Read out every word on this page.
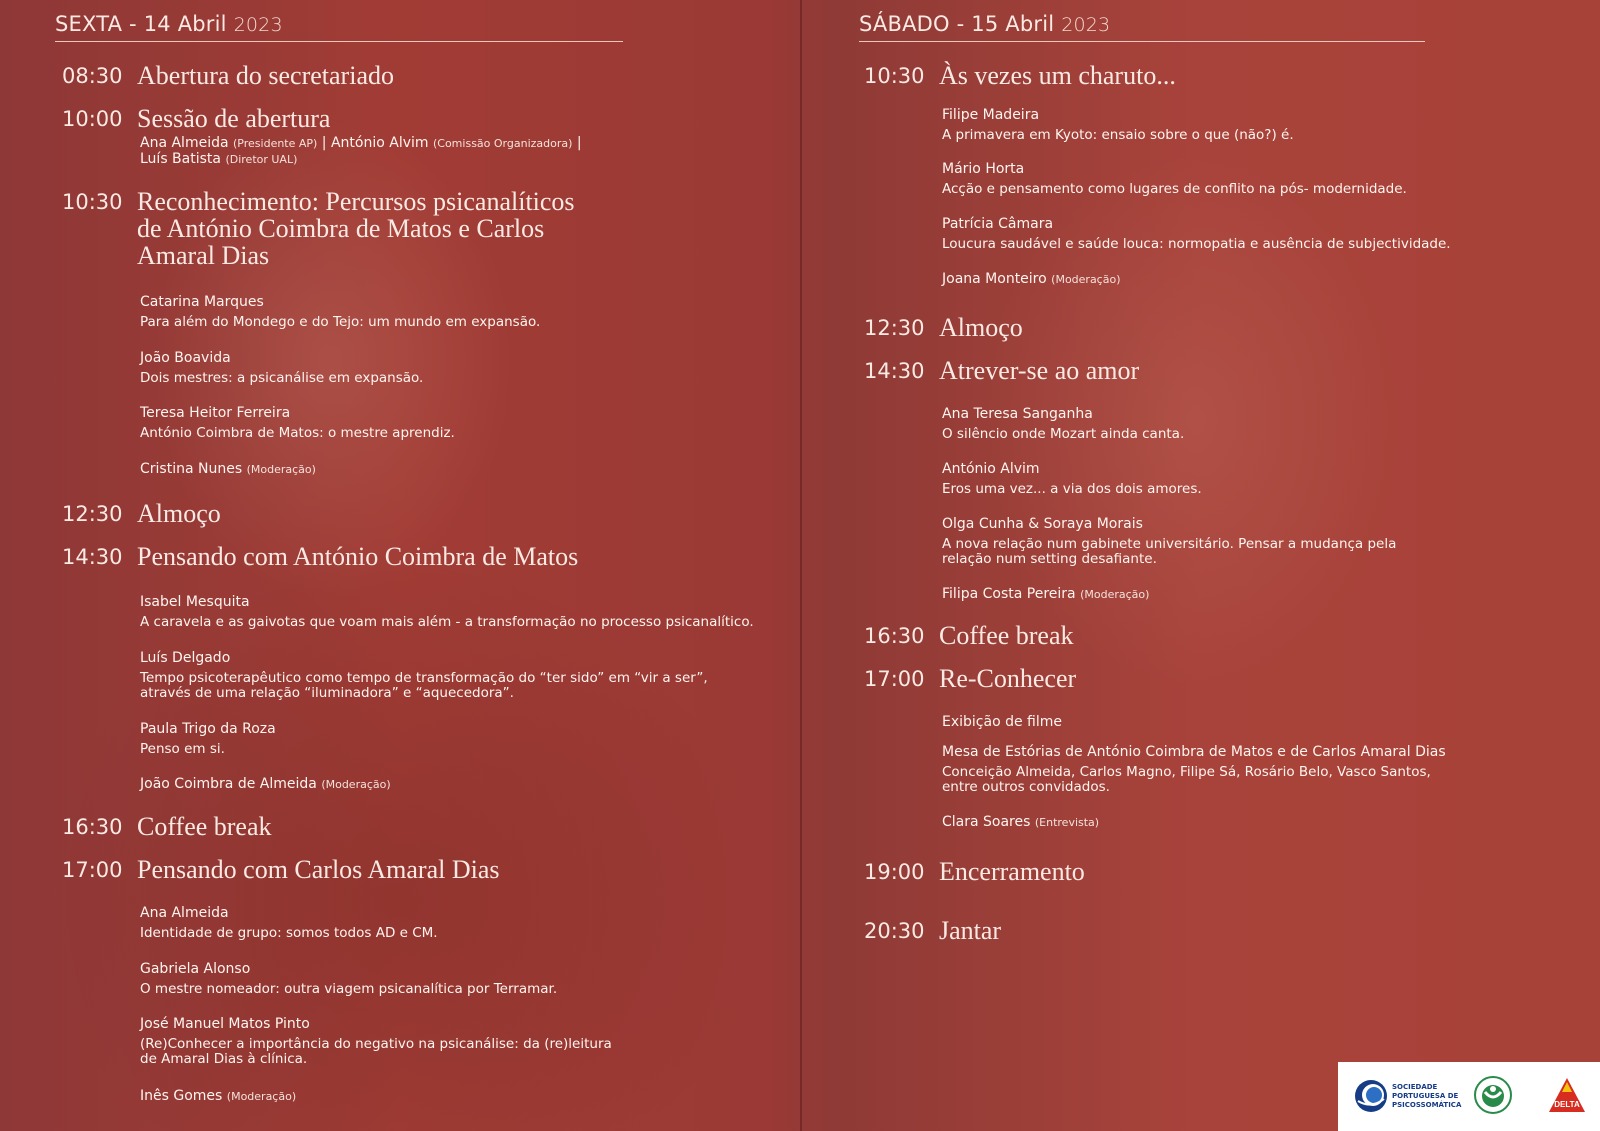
SEXTA - 14 Abril 2023
08:30 Abertura do secretariado
10:00 Sessão de abertura
Ana Almeida (Presidente AP) | António Alvim (Comissão Organizadora) |
Luís Batista (Diretor UAL)
10:30 Reconhecimento: Percursos psicanalíticos
de António Coimbra de Matos e Carlos
Amaral Dias
Catarina Marques
Para além do Mondego e do Tejo: um mundo em expansão.
João Boavida
Dois mestres: a psicanálise em expansão.
Teresa Heitor Ferreira
António Coimbra de Matos: o mestre aprendiz.
Cristina Nunes (Moderação)
12:30 Almoço
14:30 Pensando com António Coimbra de Matos
Isabel Mesquita
A caravela e as gaivotas que voam mais além - a transformação no processo psicanalítico.
Luís Delgado
Tempo psicoterapêutico como tempo de transformação do “ter sido” em “vir a ser”,
através de uma relação “iluminadora” e “aquecedora”.
Paula Trigo da Roza
Penso em si.
João Coimbra de Almeida (Moderação)
16:30 Coffee break
17:00 Pensando com Carlos Amaral Dias
Ana Almeida
Identidade de grupo: somos todos AD e CM.
Gabriela Alonso
O mestre nomeador: outra viagem psicanalítica por Terramar.
José Manuel Matos Pinto
(Re)Conhecer a importância do negativo na psicanálise: da (re)leitura
de Amaral Dias à clínica.
Inês Gomes (Moderação)
SÁBADO - 15 Abril 2023
10:30 Às vezes um charuto...
Filipe Madeira
A primavera em Kyoto: ensaio sobre o que (não?) é.
Mário Horta
Acção e pensamento como lugares de conflito na pós- modernidade.
Patrícia Câmara
Loucura saudável e saúde louca: normopatia e ausência de subjectividade.
Joana Monteiro (Moderação)
12:30 Almoço
14:30 Atrever-se ao amor
Ana Teresa Sanganha
O silêncio onde Mozart ainda canta.
António Alvim
Eros uma vez... a via dos dois amores.
Olga Cunha & Soraya Morais
A nova relação num gabinete universitário. Pensar a mudança pela
relação num setting desafiante.
Filipa Costa Pereira (Moderação)
16:30 Coffee break
17:00 Re-Conhecer
Exibição de filme
Mesa de Estórias de António Coimbra de Matos e de Carlos Amaral Dias
Conceição Almeida, Carlos Magno, Filipe Sá, Rosário Belo, Vasco Santos,
entre outros convidados.
Clara Soares (Entrevista)
19:00 Encerramento
20:30 Jantar
SOCIEDADE
PORTUGUESA DE
PSICOSSOMÁTICA	DELTA
